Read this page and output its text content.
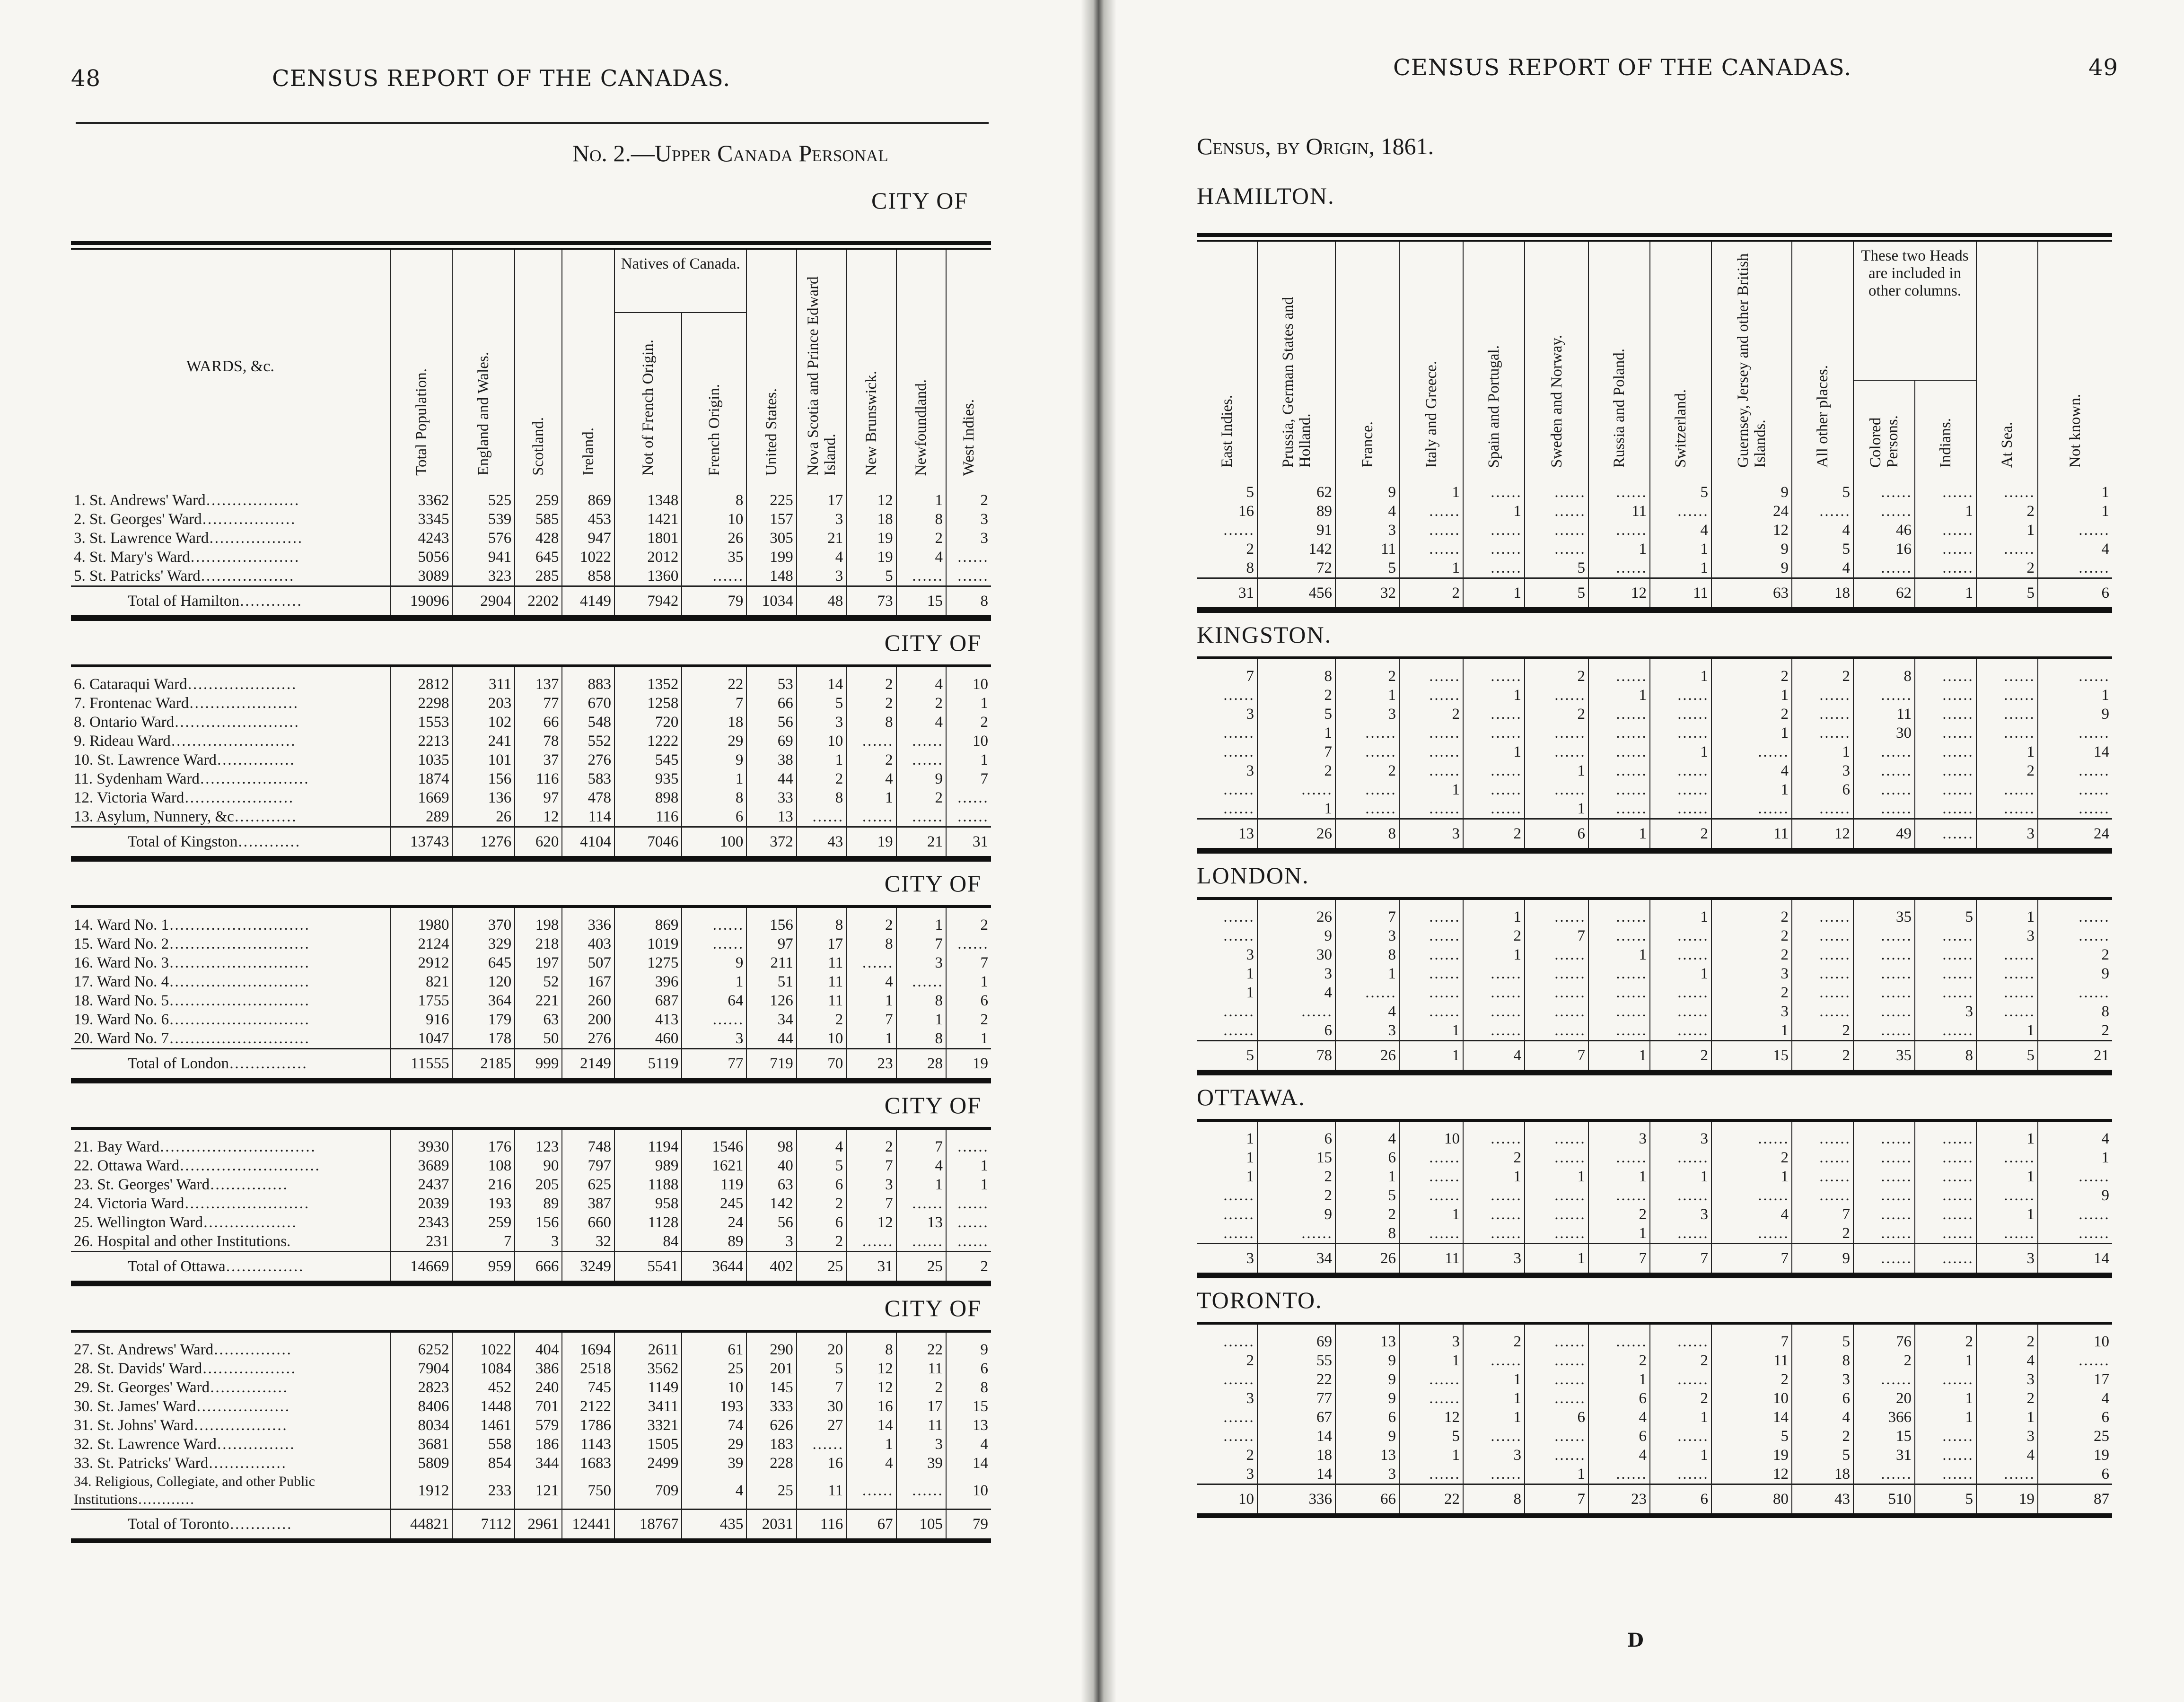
48	CENSUS REPORT OF THE CANADAS.
No. 2.—Upper Canada Personal
CITY OF
WARDS, &c.	Total Population.	England and Wales.	Scotland.	Ireland.	Natives of Canada.		United States.	Nova Scotia and Prince Edward Island.	New Brunswick.	Newfoundland.	West Indies.

					Not of French Origin.	French Origin.					

1. St. Andrews' Ward………………	3362	525	259	869	1348	8	225	17	12	1	2
2. St. Georges' Ward………………	3345	539	585	453	1421	10	157	3	18	8	3
3. St. Lawrence Ward………………	4243	576	428	947	1801	26	305	21	19	2	3
4. St. Mary's Ward…………………	5056	941	645	1022	2012	35	199	4	19	4	……
5. St. Patricks' Ward………………	3089	323	285	858	1360	……	148	3	5	……	……
Total of Hamilton…………	19096	2904	2202	4149	7942	79	1034	48	73	15	8
CITY OF											
6. Cataraqui Ward…………………	2812	311	137	883	1352	22	53	14	2	4	10
7. Frontenac Ward…………………	2298	203	77	670	1258	7	66	5	2	2	1
8. Ontario Ward……………………	1553	102	66	548	720	18	56	3	8	4	2
9. Rideau Ward……………………	2213	241	78	552	1222	29	69	10	……	……	10
10. St. Lawrence Ward……………	1035	101	37	276	545	9	38	1	2	……	1
11. Sydenham Ward…………………	1874	156	116	583	935	1	44	2	4	9	7
12. Victoria Ward…………………	1669	136	97	478	898	8	33	8	1	2	……
13. Asylum, Nunnery, &c…………	289	26	12	114	116	6	13	……	……	……	……
Total of Kingston…………	13743	1276	620	4104	7046	100	372	43	19	21	31
CITY OF											
14. Ward No. 1………………………	1980	370	198	336	869	……	156	8	2	1	2
15. Ward No. 2………………………	2124	329	218	403	1019	……	97	17	8	7	……
16. Ward No. 3………………………	2912	645	197	507	1275	9	211	11	……	3	7
17. Ward No. 4………………………	821	120	52	167	396	1	51	11	4	……	1
18. Ward No. 5………………………	1755	364	221	260	687	64	126	11	1	8	6
19. Ward No. 6………………………	916	179	63	200	413	……	34	2	7	1	2
20. Ward No. 7………………………	1047	178	50	276	460	3	44	10	1	8	1
Total of London……………	11555	2185	999	2149	5119	77	719	70	23	28	19
CITY OF											
21. Bay Ward…………………………	3930	176	123	748	1194	1546	98	4	2	7	……
22. Ottawa Ward………………………	3689	108	90	797	989	1621	40	5	7	4	1
23. St. Georges' Ward……………	2437	216	205	625	1188	119	63	6	3	1	1
24. Victoria Ward……………………	2039	193	89	387	958	245	142	2	7	……	……
25. Wellington Ward………………	2343	259	156	660	1128	24	56	6	12	13	……
26. Hospital and other Institutions.	231	7	3	32	84	89	3	2	……	……	……
Total of Ottawa……………	14669	959	666	3249	5541	3644	402	25	31	25	2
CITY OF											
27. St. Andrews' Ward……………	6252	1022	404	1694	2611	61	290	20	8	22	9
28. St. Davids' Ward………………	7904	1084	386	2518	3562	25	201	5	12	11	6
29. St. Georges' Ward……………	2823	452	240	745	1149	10	145	7	12	2	8
30. St. James' Ward………………	8406	1448	701	2122	3411	193	333	30	16	17	15
31. St. Johns' Ward………………	8034	1461	579	1786	3321	74	626	27	14	11	13
32. St. Lawrence Ward……………	3681	558	186	1143	1505	29	183	……	1	3	4
33. St. Patricks' Ward……………	5809	854	344	1683	2499	39	228	16	4	39	14
34. Religious, Collegiate, and other Public Institutions…………	1912	233	121	750	709	4	25	11	……	……	10
Total of Toronto…………	44821	7112	2961	12441	18767	435	2031	116	67	105	79

CENSUS REPORT OF THE CANADAS.	49
Census, by Origin, 1861.
HAMILTON.
East Indies.	Prussia, German States and Holland.	France.	Italy and Greece.	Spain and Portugal.	Sweden and Norway.	Russia and Poland.	Switzerland.	Guernsey, Jersey and other British Islands.	All other places.	These two Heads are included in other columns.		At Sea.	Not known.

										Colored Persons.	Indians.		

5	62	9	1	……	……	……	5	9	5	……	……	……	1
16	89	4	……	1	……	11	……	24	……	……	1	2	1
……	91	3	……	……	……	……	4	12	4	46	……	1	……
2	142	11	……	……	……	1	1	9	5	16	……	……	4
8	72	5	1	……	5	……	1	9	4	……	……	2	……
31	456	32	2	1	5	12	11	63	18	62	1	5	6
KINGSTON.													
7	8	2	……	……	2	……	1	2	2	8	……	……	……
……	2	1	……	1	……	1	……	1	……	……	……	……	1
3	5	3	2	……	2	……	……	2	……	11	……	……	9
……	1	……	……	……	……	……	……	1	……	30	……	……	……
……	7	……	……	1	……	……	1	……	1	……	……	1	14
3	2	2	……	……	1	……	……	4	3	……	……	2	……
……	……	……	1	……	……	……	……	1	6	……	……	……	……
……	1	……	……	……	1	……	……	……	……	……	……	……	……
13	26	8	3	2	6	1	2	11	12	49	……	3	24
LONDON.													
……	26	7	……	1	……	……	1	2	……	35	5	1	……
……	9	3	……	2	7	……	……	2	……	……	……	3	……
3	30	8	……	1	……	1	……	2	……	……	……	……	2
1	3	1	……	……	……	……	1	3	……	……	……	……	9
1	4	……	……	……	……	……	……	2	……	……	……	……	……
……	……	4	……	……	……	……	……	3	……	……	3	……	8
……	6	3	1	……	……	……	……	1	2	……	……	1	2
5	78	26	1	4	7	1	2	15	2	35	8	5	21
OTTAWA.													
1	6	4	10	……	……	3	3	……	……	……	……	1	4
1	15	6	……	2	……	……	……	2	……	……	……	……	1
1	2	1	……	1	1	1	1	1	……	……	……	1	……
……	2	5	……	……	……	……	……	……	……	……	……	……	9
……	9	2	1	……	……	2	3	4	7	……	……	1	……
……	……	8	……	……	……	1	……	……	2	……	……	……	……
3	34	26	11	3	1	7	7	7	9	……	……	3	14
TORONTO.													
……	69	13	3	2	……	……	……	7	5	76	2	2	10
2	55	9	1	……	……	2	2	11	8	2	1	4	……
……	22	9	……	1	……	1	……	2	3	……	……	3	17
3	77	9	……	1	……	6	2	10	6	20	1	2	4
……	67	6	12	1	6	4	1	14	4	366	1	1	6
……	14	9	5	……	……	6	……	5	2	15	……	3	25
2	18	13	1	3	……	4	1	19	5	31	……	4	19
3	14	3	……	……	1	……	……	12	18	……	……	……	6
10	336	66	22	8	7	23	6	80	43	510	5	19	87

D
